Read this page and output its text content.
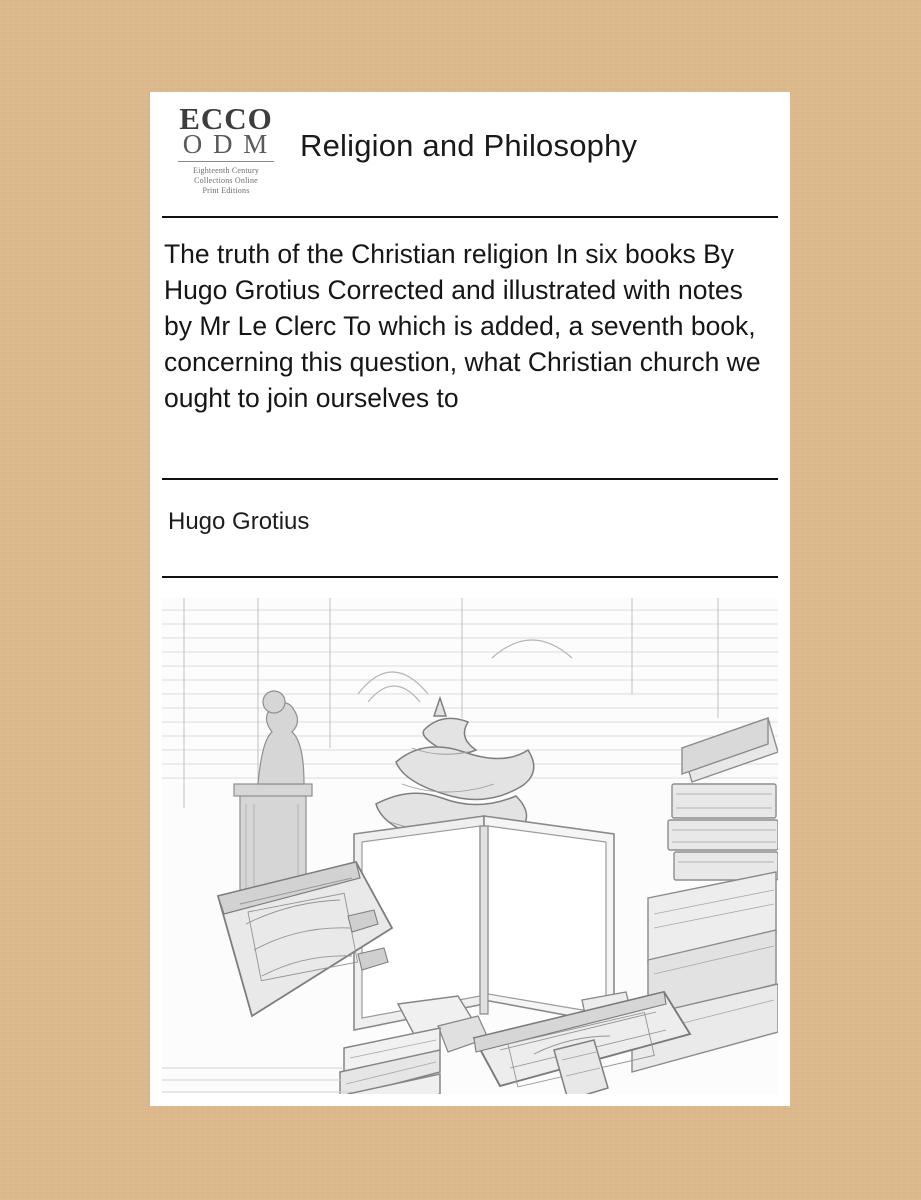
ECCO
O D M
Eighteenth Century
Collections Online
Print Editions
Religion and Philosophy
The truth of the Christian religion In six books By Hugo Grotius Corrected and illustrated with notes by Mr Le Clerc To which is added, a seventh book, concerning this question, what Christian church we ought to join ourselves to
Hugo Grotius
